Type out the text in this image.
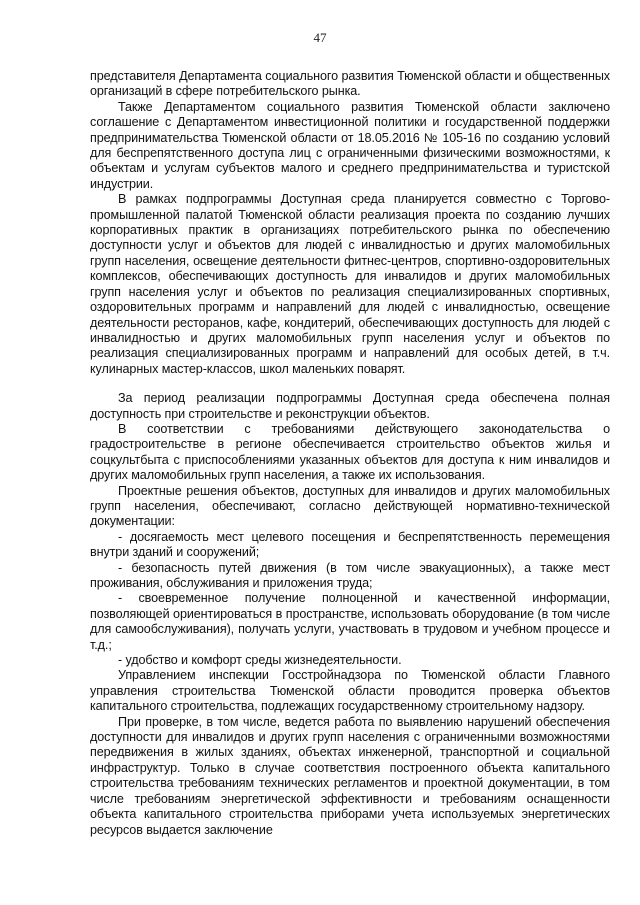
47

представителя Департамента социального развития Тюменской области и общественных организаций в сфере потребительского рынка.

Также Департаментом социального развития Тюменской области заключено соглашение с Департаментом инвестиционной политики и государственной поддержки предпринимательства Тюменской области от 18.05.2016 № 105-16 по созданию условий для беспрепятственного доступа лиц с ограниченными физическими возможностями, к объектам и услугам субъектов малого и среднего предпринимательства и туристской индустрии.

В рамках подпрограммы Доступная среда планируется совместно с Торгово-промышленной палатой Тюменской области реализация проекта по созданию лучших корпоративных практик в организациях потребительского рынка по обеспечению доступности услуг и объектов для людей с инвалидностью и других маломобильных групп населения, освещение деятельности фитнес-центров, спортивно-оздоровительных комплексов, обеспечивающих доступность для инвалидов и других маломобильных групп населения услуг и объектов по реализация специализированных спортивных, оздоровительных программ и направлений для людей с инвалидностью, освещение деятельности ресторанов, кафе, кондитерий, обеспечивающих доступность для людей с инвалидностью и других маломобильных групп населения услуг и объектов по реализация специализированных программ и направлений для особых детей, в т.ч. кулинарных мастер-классов, школ маленьких поварят.

За период реализации подпрограммы Доступная среда обеспечена полная доступность при строительстве и реконструкции объектов.

В соответствии с требованиями действующего законодательства о градостроительстве в регионе обеспечивается строительство объектов жилья и соцкультбыта с приспособлениями указанных объектов для доступа к ним инвалидов и других маломобильных групп населения, а также их использования.

Проектные решения объектов, доступных для инвалидов и других маломобильных групп населения, обеспечивают, согласно действующей нормативно-технической документации:

- досягаемость мест целевого посещения и беспрепятственность перемещения внутри зданий и сооружений;

- безопасность путей движения (в том числе эвакуационных), а также мест проживания, обслуживания и приложения труда;

- своевременное получение полноценной и качественной информации, позволяющей ориентироваться в пространстве, использовать оборудование (в том числе для самообслуживания), получать услуги, участвовать в трудовом и учебном процессе и т.д.;

- удобство и комфорт среды жизнедеятельности.

Управлением инспекции Госстройнадзора по Тюменской области Главного управления строительства Тюменской области проводится проверка объектов капитального строительства, подлежащих государственному строительному надзору.

При проверке, в том числе, ведется работа по выявлению нарушений обеспечения доступности для инвалидов и других групп населения с ограниченными возможностями передвижения в жилых зданиях, объектах инженерной, транспортной и социальной инфраструктур. Только в случае соответствия построенного объекта капитального строительства требованиям технических регламентов и проектной документации, в том числе требованиям энергетической эффективности и требованиям оснащенности объекта капитального строительства приборами учета используемых энергетических ресурсов выдается заключение
